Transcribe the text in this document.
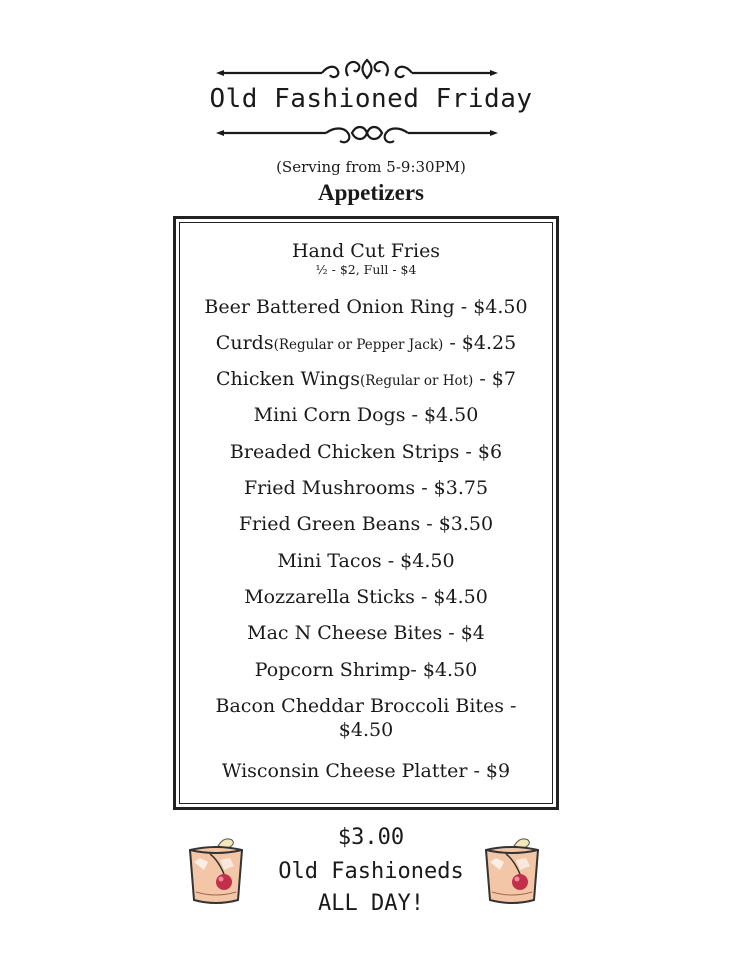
Old Fashioned Friday
(Serving from 5-9:30PM)
Appetizers
Hand Cut Fries
½ - $2, Full - $4
Beer Battered Onion Ring - $4.50
Curds(Regular or Pepper Jack) - $4.25
Chicken Wings(Regular or Hot) - $7
Mini Corn Dogs - $4.50
Breaded Chicken Strips - $6
Fried Mushrooms - $3.75
Fried Green Beans - $3.50
Mini Tacos - $4.50
Mozzarella Sticks - $4.50
Mac N Cheese Bites - $4
Popcorn Shrimp- $4.50
Bacon Cheddar Broccoli Bites - $4.50
Wisconsin Cheese Platter - $9
$3.00
Old Fashioneds
ALL DAY!
